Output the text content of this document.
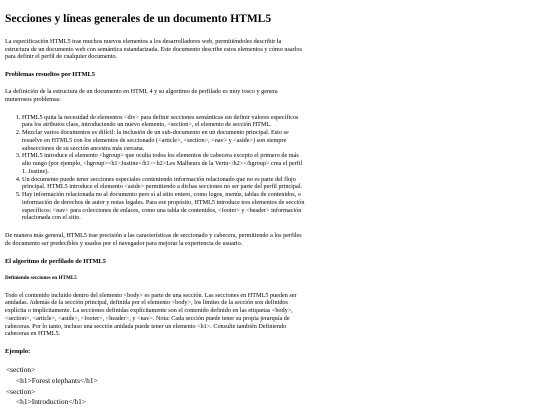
Secciones y líneas generales de un documento HTML5

La especificación HTML5 trae muchos nuevos elementos a los desarrolladores web, permitiéndoles describir la estructura de un documento web con semántica estandarizada. Este documento describe estos elementos y cómo usarlos para definir el perfil de cualquier documento.

Problemas resueltos por HTML5

La definición de la estructura de un documento en HTML 4 y su algoritmo de perfilado es muy tosco y genera numerosos problemas:

1. HTML5 quita la necesidad de elementos <div> para definir secciones semánticas sin definir valores específicos para los atributos class, introduciendo un nuevo elemento, <section>, el elemento de sección HTML.
2. Mezclar varios documentos es difícil: la inclusión de un sub-documento en un documento principal. Esto se resuelve en HTML5 con los elementos de seccionado (<article>, <section>, <nav> y <aside>) son siempre subsecciones de su sección ancestra más cercana.
3. HTML5 introduce el elemento <hgroup> que oculta todos los elementos de cabecera excepto el primero de más alto rango (por ejemplo, <hgroup><h1>Justine</h1><h2>Les Malheurs de la Vertu</h2></hgroup> crea el perfil 1. Justine).
4. Un documento puede tener secciones especiales conteniendo información relacionado que no es parte del flujo principal. HTML5 introduce el elemento <aside> permitiendo a dichas secciones no ser parte del perfil principal.
5. Hay información relacionada no al documento pero sí al sitio entero, como logos, menús, tablas de contenidos, o información de derechos de autor y notas legales. Para ese propósito, HTML5 introduce tres elementos de sección específicos: <nav> para colecciones de enlaces, como una tabla de contenidos, <footer> y <header> información relacionada con el sitio.

De manera más general, HTML5 trae precisión a las características de seccionado y cabecera, permitiendo a los perfiles de documento ser predecibles y usados por el navegador para mejorar la experiencia de usuario.

El algoritmo de perfilado de HTML5
Definiendo secciones en HTML5

Todo el contenido incluido dentro del elemento <body> es parte de una sección. Las secciones en HTML5 pueden ser anidadas. Además de la sección principal, definida por el elemento <body>, los límites de la sección son definidos explícita o implícitamente. La secciones definidas explícitamente son el contenido definido en las etiquetas <body>, <section>, <article>, <aside>, <footer>, <header>, y <nav>. Nota: Cada sección puede tener su propia jerarquía de cabeceras. Por lo tanto, incluso una sección anidada puede tener un elemento <h1>. Consulte también Definiendo cabeceras en HTML5.

Ejemplo:
<section>
<h1>Forest elephants</h1>
<section>
<h1>Introduction</h1>
